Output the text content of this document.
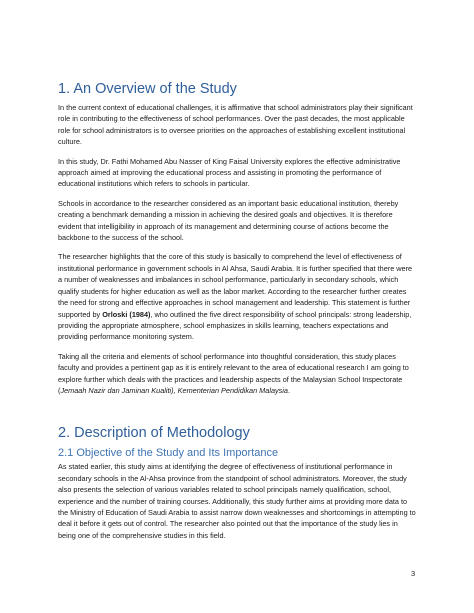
1. An Overview of the Study

In the current context of educational challenges, it is affirmative that school administrators play their significant role in contributing to the effectiveness of school performances. Over the past decades, the most applicable role for school administrators is to oversee priorities on the approaches of establishing excellent institutional culture.

In this study, Dr. Fathi Mohamed Abu Nasser of King Faisal University explores the effective administrative approach aimed at improving the educational process and assisting in promoting the performance of educational institutions which refers to schools in particular.

Schools in accordance to the researcher considered as an important basic educational institution, thereby creating a benchmark demanding a mission in achieving the desired goals and objectives. It is therefore evident that intelligibility in approach of its management and determining course of actions become the backbone to the success of the school.

The researcher highlights that the core of this study is basically to comprehend the level of effectiveness of institutional performance in government schools in Al Ahsa, Saudi Arabia. It is further specified that there were a number of weaknesses and imbalances in school performance, particularly in secondary schools, which qualify students for higher education as well as the labor market. According to the researcher further creates the need for strong and effective approaches in school management and leadership. This statement is further supported by Orloski (1984), who outlined the five direct responsibility of school principals: strong leadership, providing the appropriate atmosphere, school emphasizes in skills learning, teachers expectations and providing performance monitoring system.

Taking all the criteria and elements of school performance into thoughtful consideration, this study places faculty and provides a pertinent gap as it is entirely relevant to the area of educational research I am going to explore further which deals with the practices and leadership aspects of the Malaysian School Inspectorate (Jemaah Nazir dan Jaminan Kualiti), Kementerian Pendidikan Malaysia.

2. Description of Methodology
2.1 Objective of the Study and Its Importance

As stated earlier, this study aims at identifying the degree of effectiveness of institutional performance in secondary schools in the Al-Ahsa province from the standpoint of school administrators. Moreover, the study also presents the selection of various variables related to school principals namely qualification, school, experience and the number of training courses. Additionally, this study further aims at providing more data to the Ministry of Education of Saudi Arabia to assist narrow down weaknesses and shortcomings in attempting to deal it before it gets out of control. The researcher also pointed out that the importance of the study lies in being one of the comprehensive studies in this field.

3
